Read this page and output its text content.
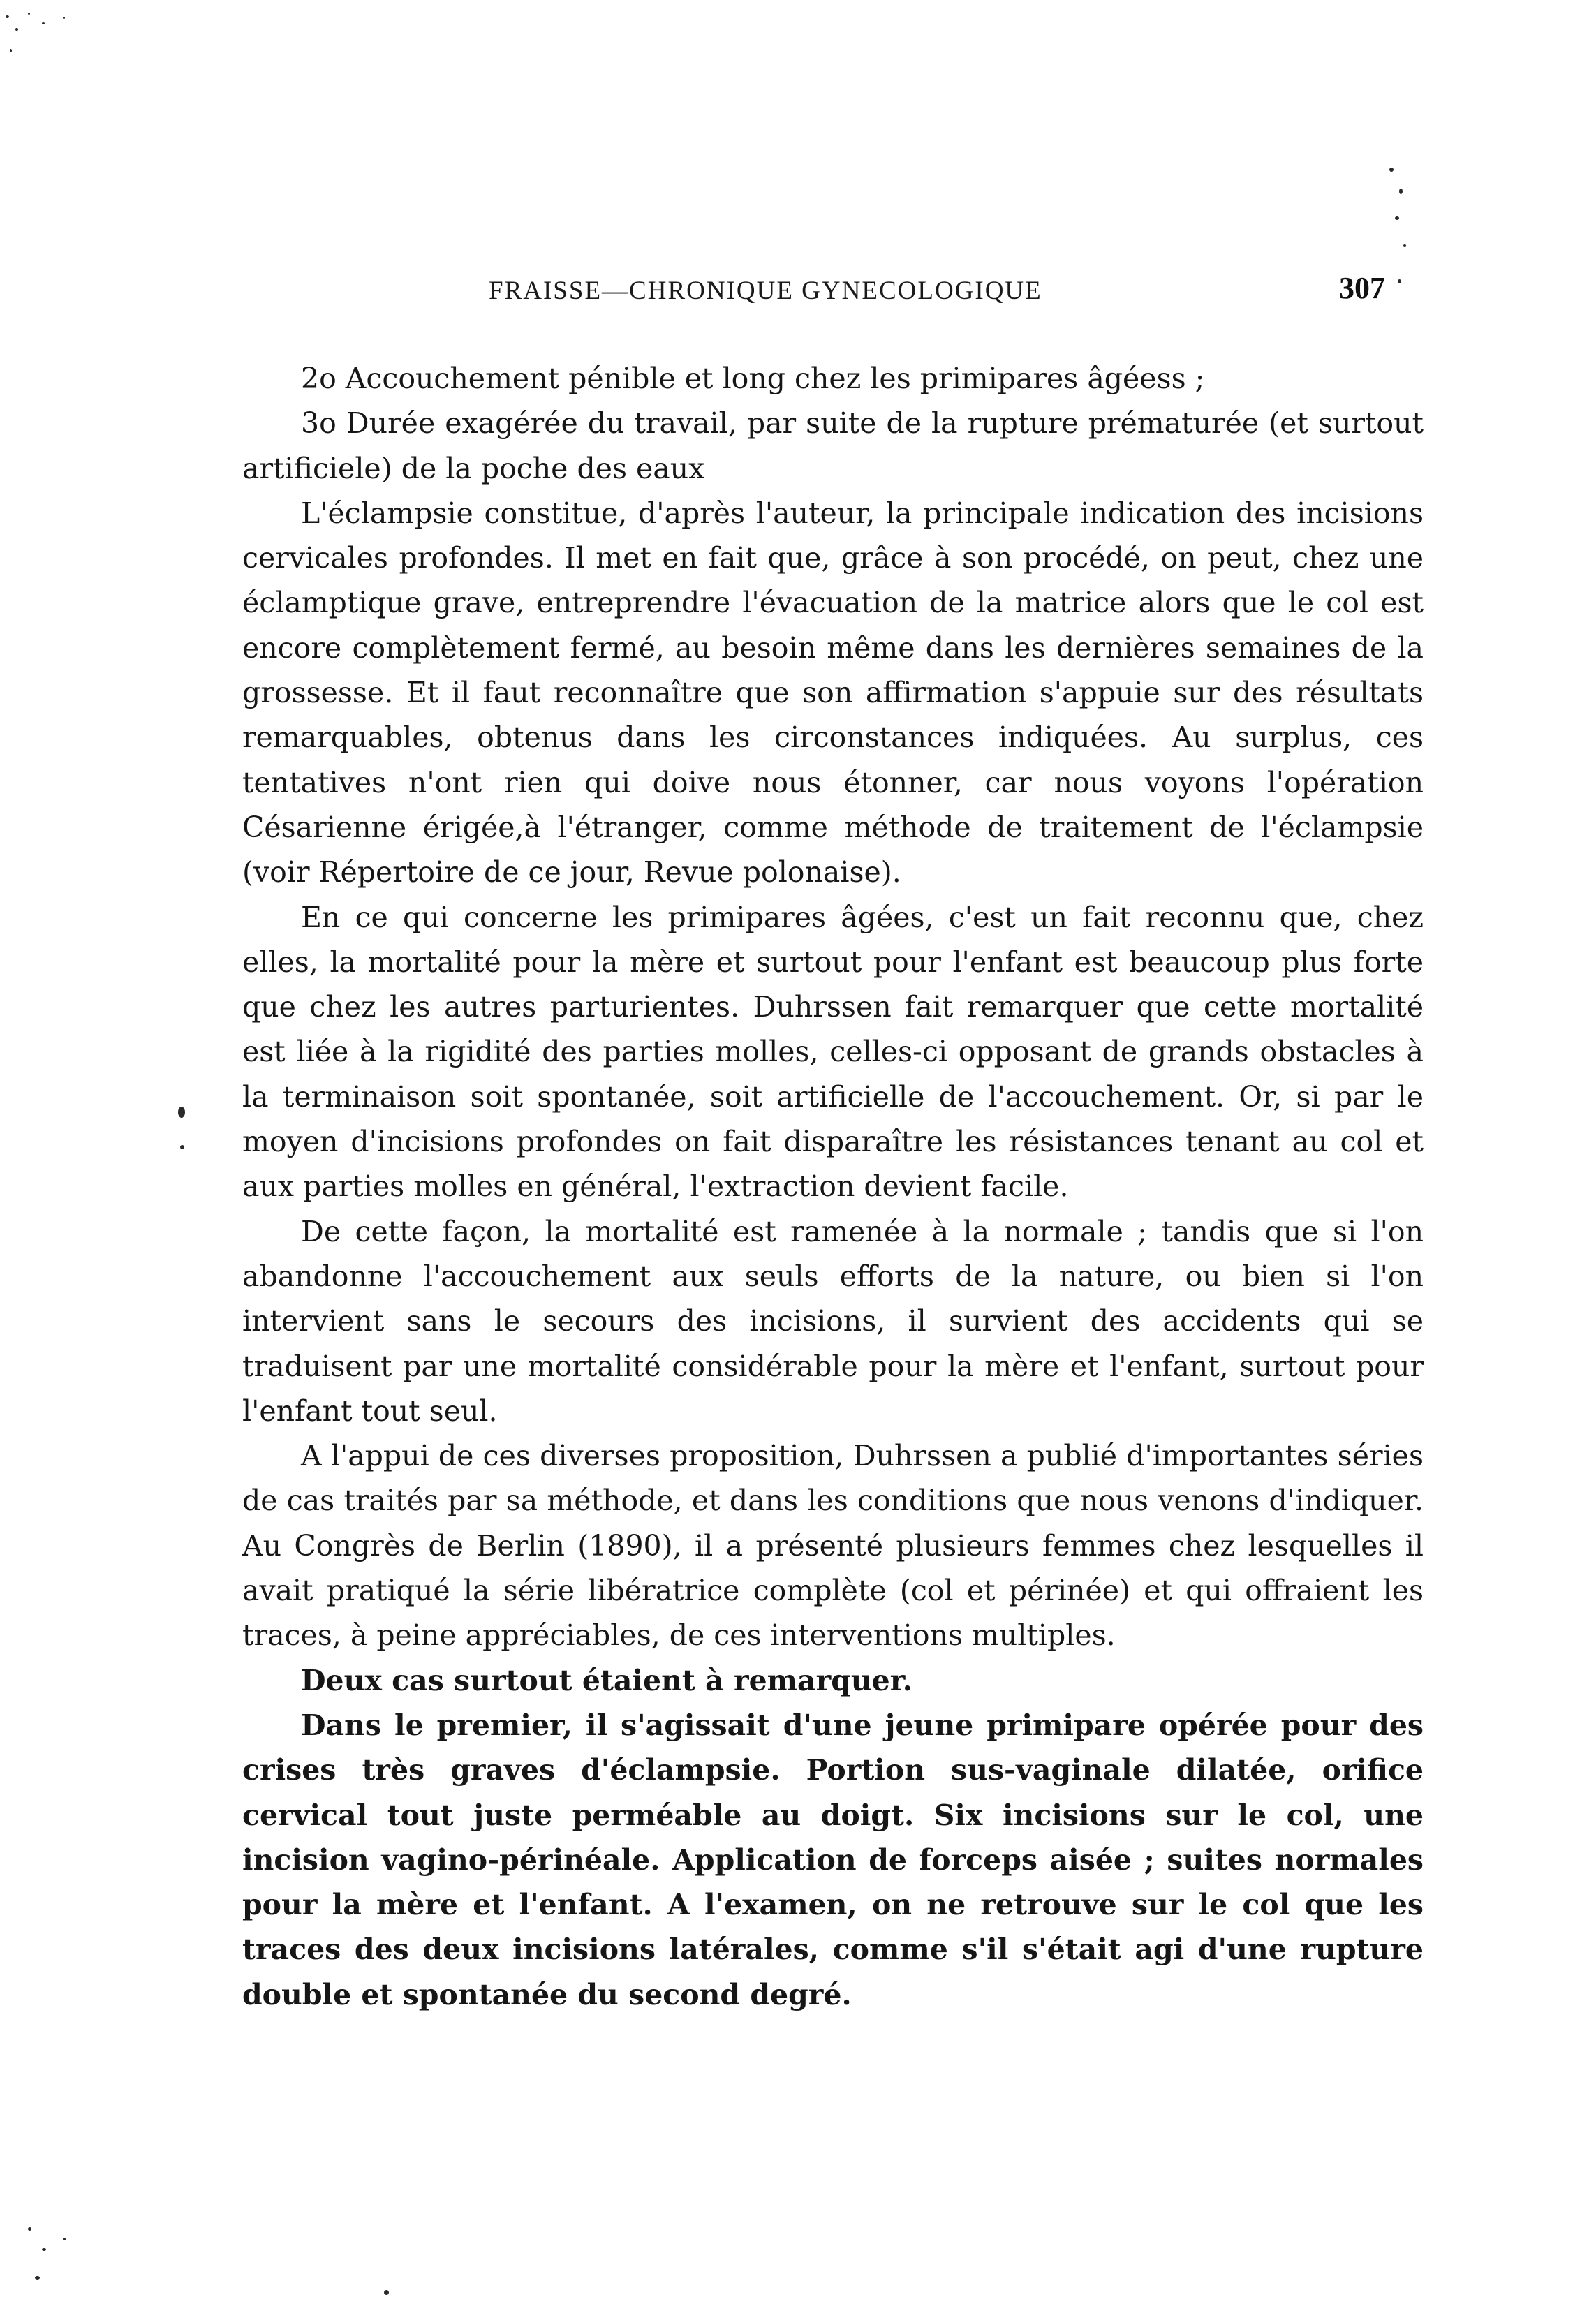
FRAISSE—CHRONIQUE GYNECOLOGIQUE	307

2o Accouchement pénible et long chez les primipares âgéess ;

3o Durée exagérée du travail, par suite de la rupture prématurée (et surtout artificiele) de la poche des eaux

L'éclampsie constitue, d'après l'auteur, la principale indication des incisions cervicales profondes. Il met en fait que, grâce à son procédé, on peut, chez une éclamptique grave, entreprendre l'évacuation de la matrice alors que le col est encore complètement fermé, au besoin même dans les dernières semaines de la grossesse. Et il faut reconnaître que son affirmation s'appuie sur des résultats remarquables, obtenus dans les circonstances indiquées. Au surplus, ces tentatives n'ont rien qui doive nous étonner, car nous voyons l'opération Césarienne érigée,à l'étranger, comme méthode de traitement de l'éclampsie (voir Répertoire de ce jour, Revue polonaise).

En ce qui concerne les primipares âgées, c'est un fait reconnu que, chez elles, la mortalité pour la mère et surtout pour l'enfant est beaucoup plus forte que chez les autres parturientes. Duhrssen fait remarquer que cette mortalité est liée à la rigidité des parties molles, celles-ci opposant de grands obstacles à la terminaison soit spontanée, soit artificielle de l'accouchement. Or, si par le moyen d'incisions profondes on fait disparaître les résistances tenant au col et aux parties molles en général, l'extraction devient facile.

De cette façon, la mortalité est ramenée à la normale ; tandis que si l'on abandonne l'accouchement aux seuls efforts de la nature, ou bien si l'on intervient sans le secours des incisions, il survient des accidents qui se traduisent par une mortalité considérable pour la mère et l'enfant, surtout pour l'enfant tout seul.

A l'appui de ces diverses proposition, Duhrssen a publié d'importantes séries de cas traités par sa méthode, et dans les conditions que nous venons d'indiquer. Au Congrès de Berlin (1890), il a présenté plusieurs femmes chez lesquelles il avait pratiqué la série libératrice complète (col et périnée) et qui offraient les traces, à peine appréciables, de ces interventions multiples.

Deux cas surtout étaient à remarquer.

Dans le premier, il s'agissait d'une jeune primipare opérée pour des crises très graves d'éclampsie. Portion sus-vaginale dilatée, orifice cervical tout juste perméable au doigt. Six incisions sur le col, une incision vagino-périnéale. Application de forceps aisée ; suites normales pour la mère et l'enfant. A l'examen, on ne retrouve sur le col que les traces des deux incisions latérales, comme s'il s'était agi d'une rupture double et spontanée du second degré.
